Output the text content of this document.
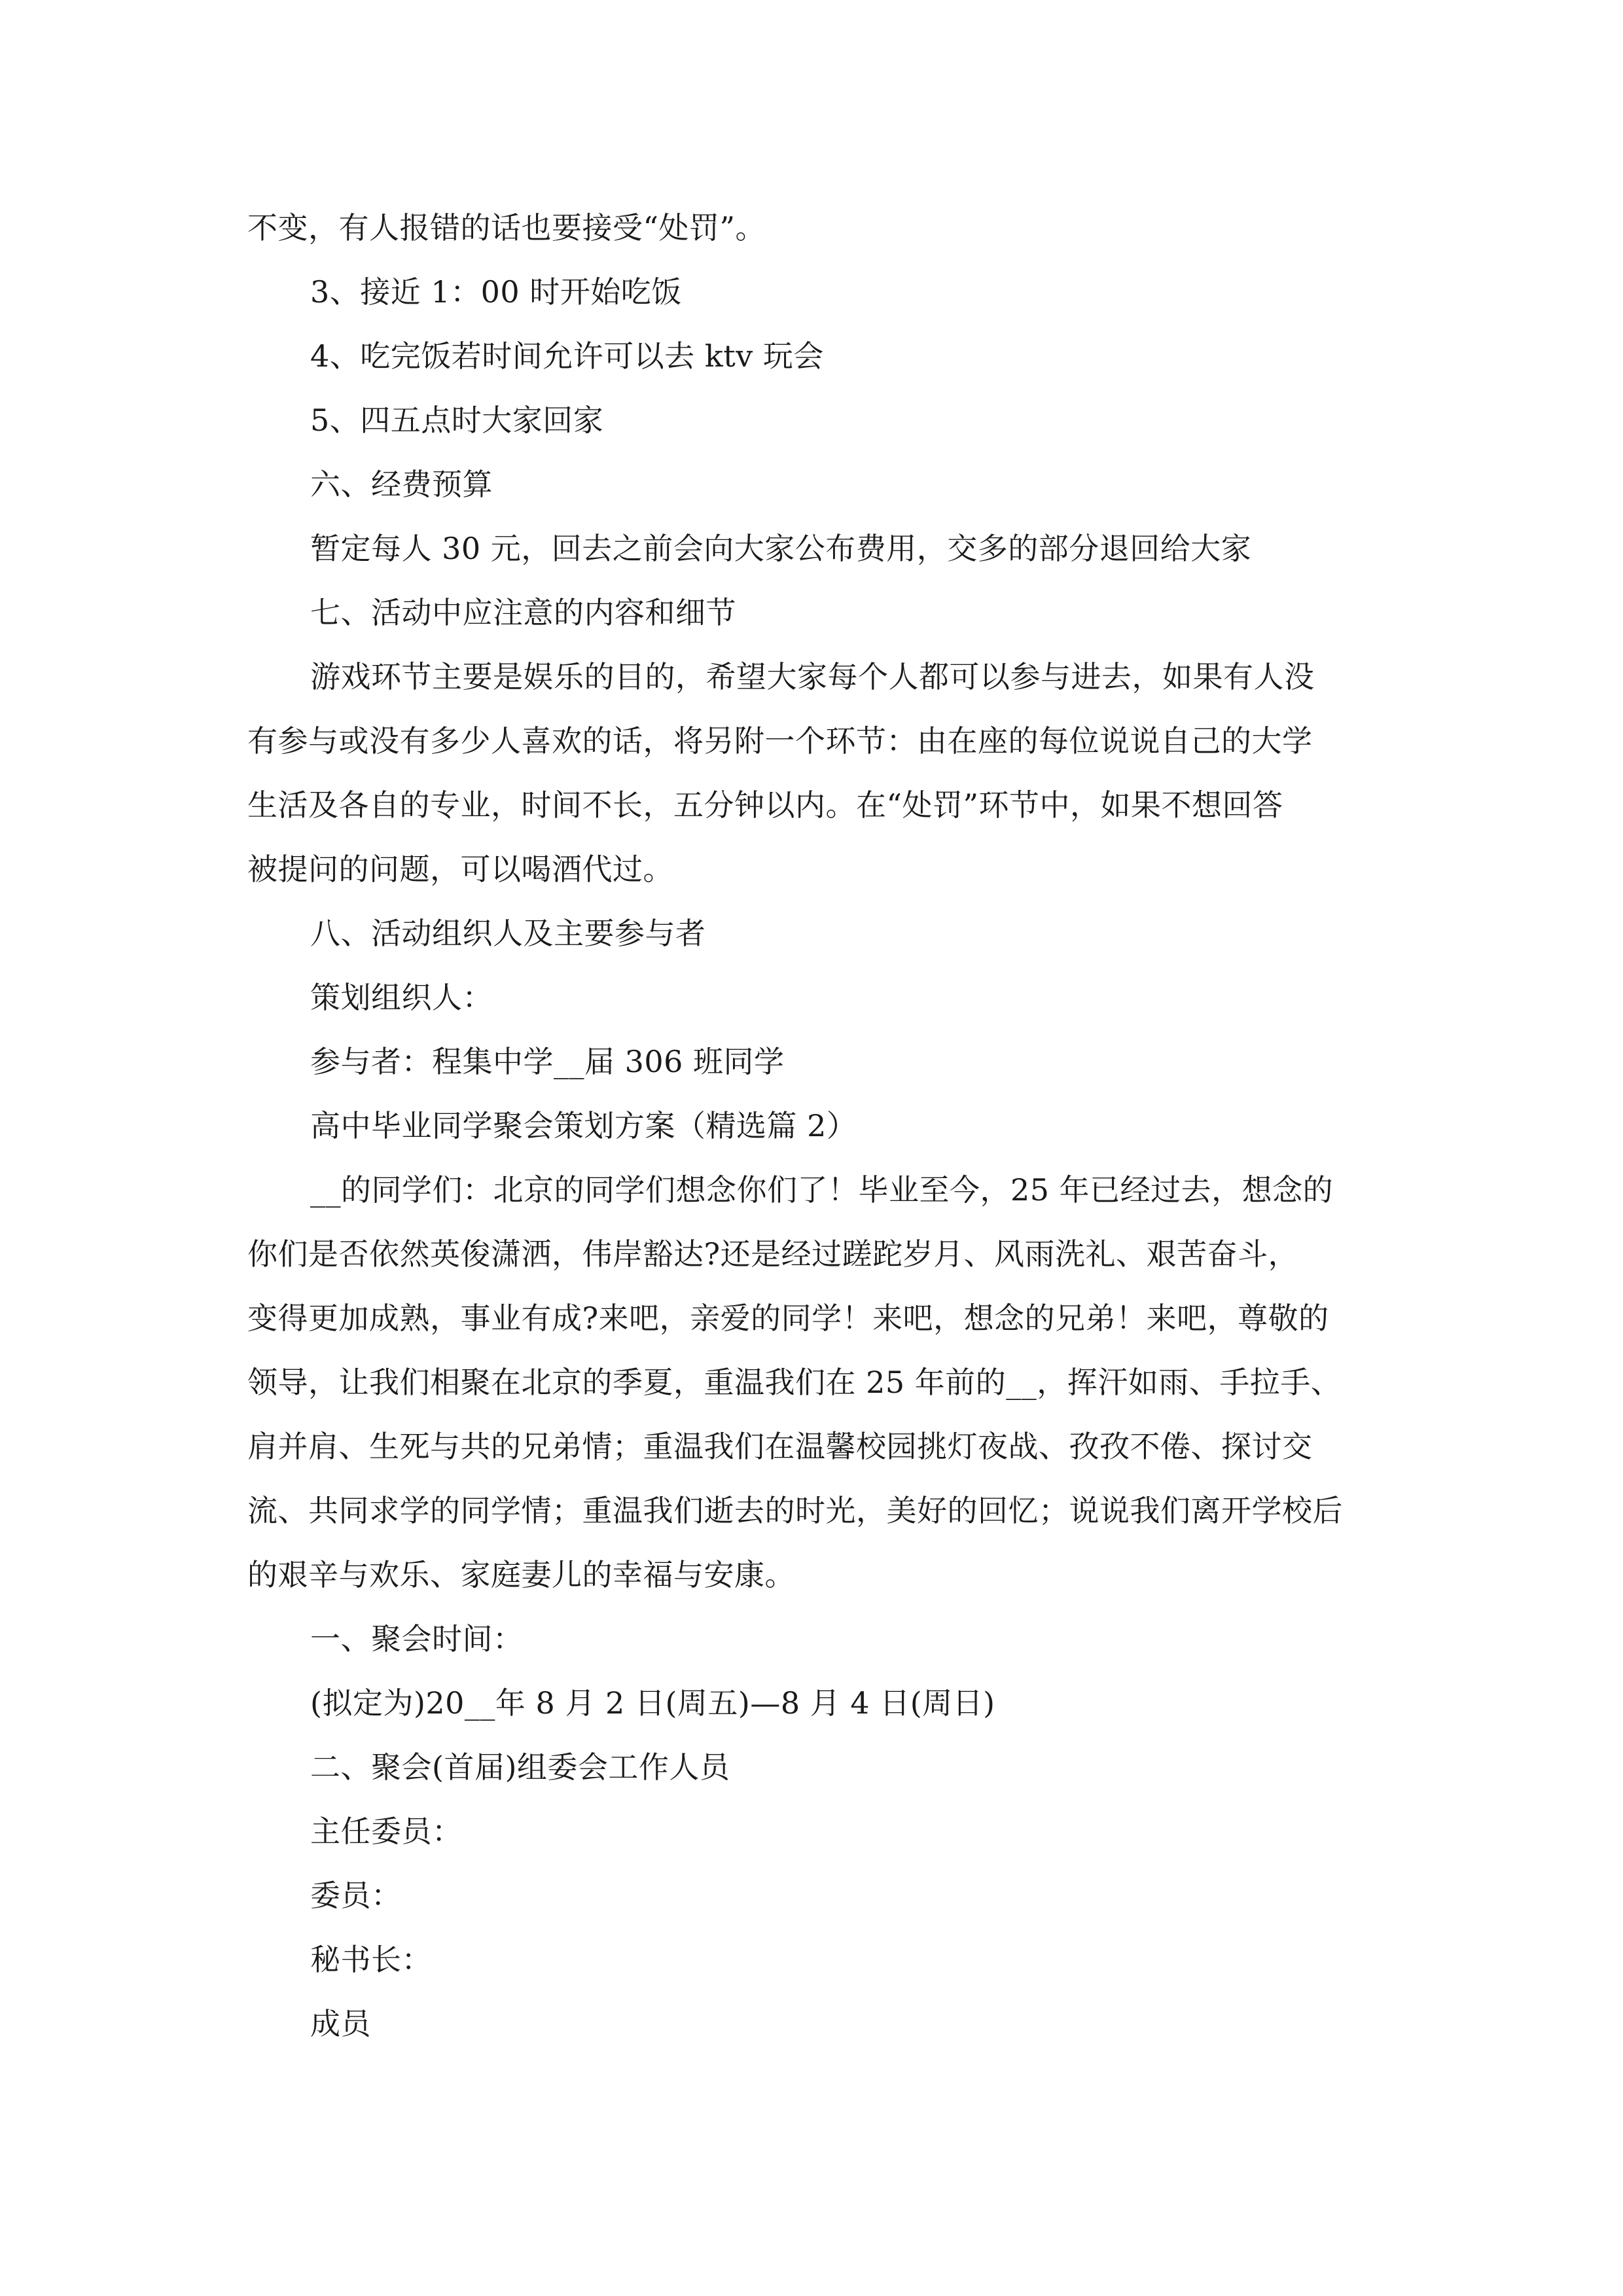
不变，有人报错的话也要接受“处罚”。
3、接近 1：00 时开始吃饭
4、吃完饭若时间允许可以去 ktv 玩会
5、四五点时大家回家
六、经费预算
暂定每人 30 元，回去之前会向大家公布费用，交多的部分退回给大家
七、活动中应注意的内容和细节
游戏环节主要是娱乐的目的，希望大家每个人都可以参与进去，如果有人没
有参与或没有多少人喜欢的话，将另附一个环节：由在座的每位说说自己的大学
生活及各自的专业，时间不长，五分钟以内。在“处罚”环节中，如果不想回答
被提问的问题，可以喝酒代过。
八、活动组织人及主要参与者
策划组织人：
参与者：程集中学__届 306 班同学
高中毕业同学聚会策划方案（精选篇 2）
__的同学们：北京的同学们想念你们了！毕业至今，25 年已经过去，想念的
你们是否依然英俊潇洒，伟岸豁达?还是经过蹉跎岁月、风雨洗礼、艰苦奋斗，
变得更加成熟，事业有成?来吧，亲爱的同学！来吧，想念的兄弟！来吧，尊敬的
领导，让我们相聚在北京的季夏，重温我们在 25 年前的__，挥汗如雨、手拉手、
肩并肩、生死与共的兄弟情；重温我们在温馨校园挑灯夜战、孜孜不倦、探讨交
流、共同求学的同学情；重温我们逝去的时光，美好的回忆；说说我们离开学校后
的艰辛与欢乐、家庭妻儿的幸福与安康。
一、聚会时间：
(拟定为)20__年 8 月 2 日(周五)—8 月 4 日(周日)
二、聚会(首届)组委会工作人员
主任委员：
委员：
秘书长：
成员
